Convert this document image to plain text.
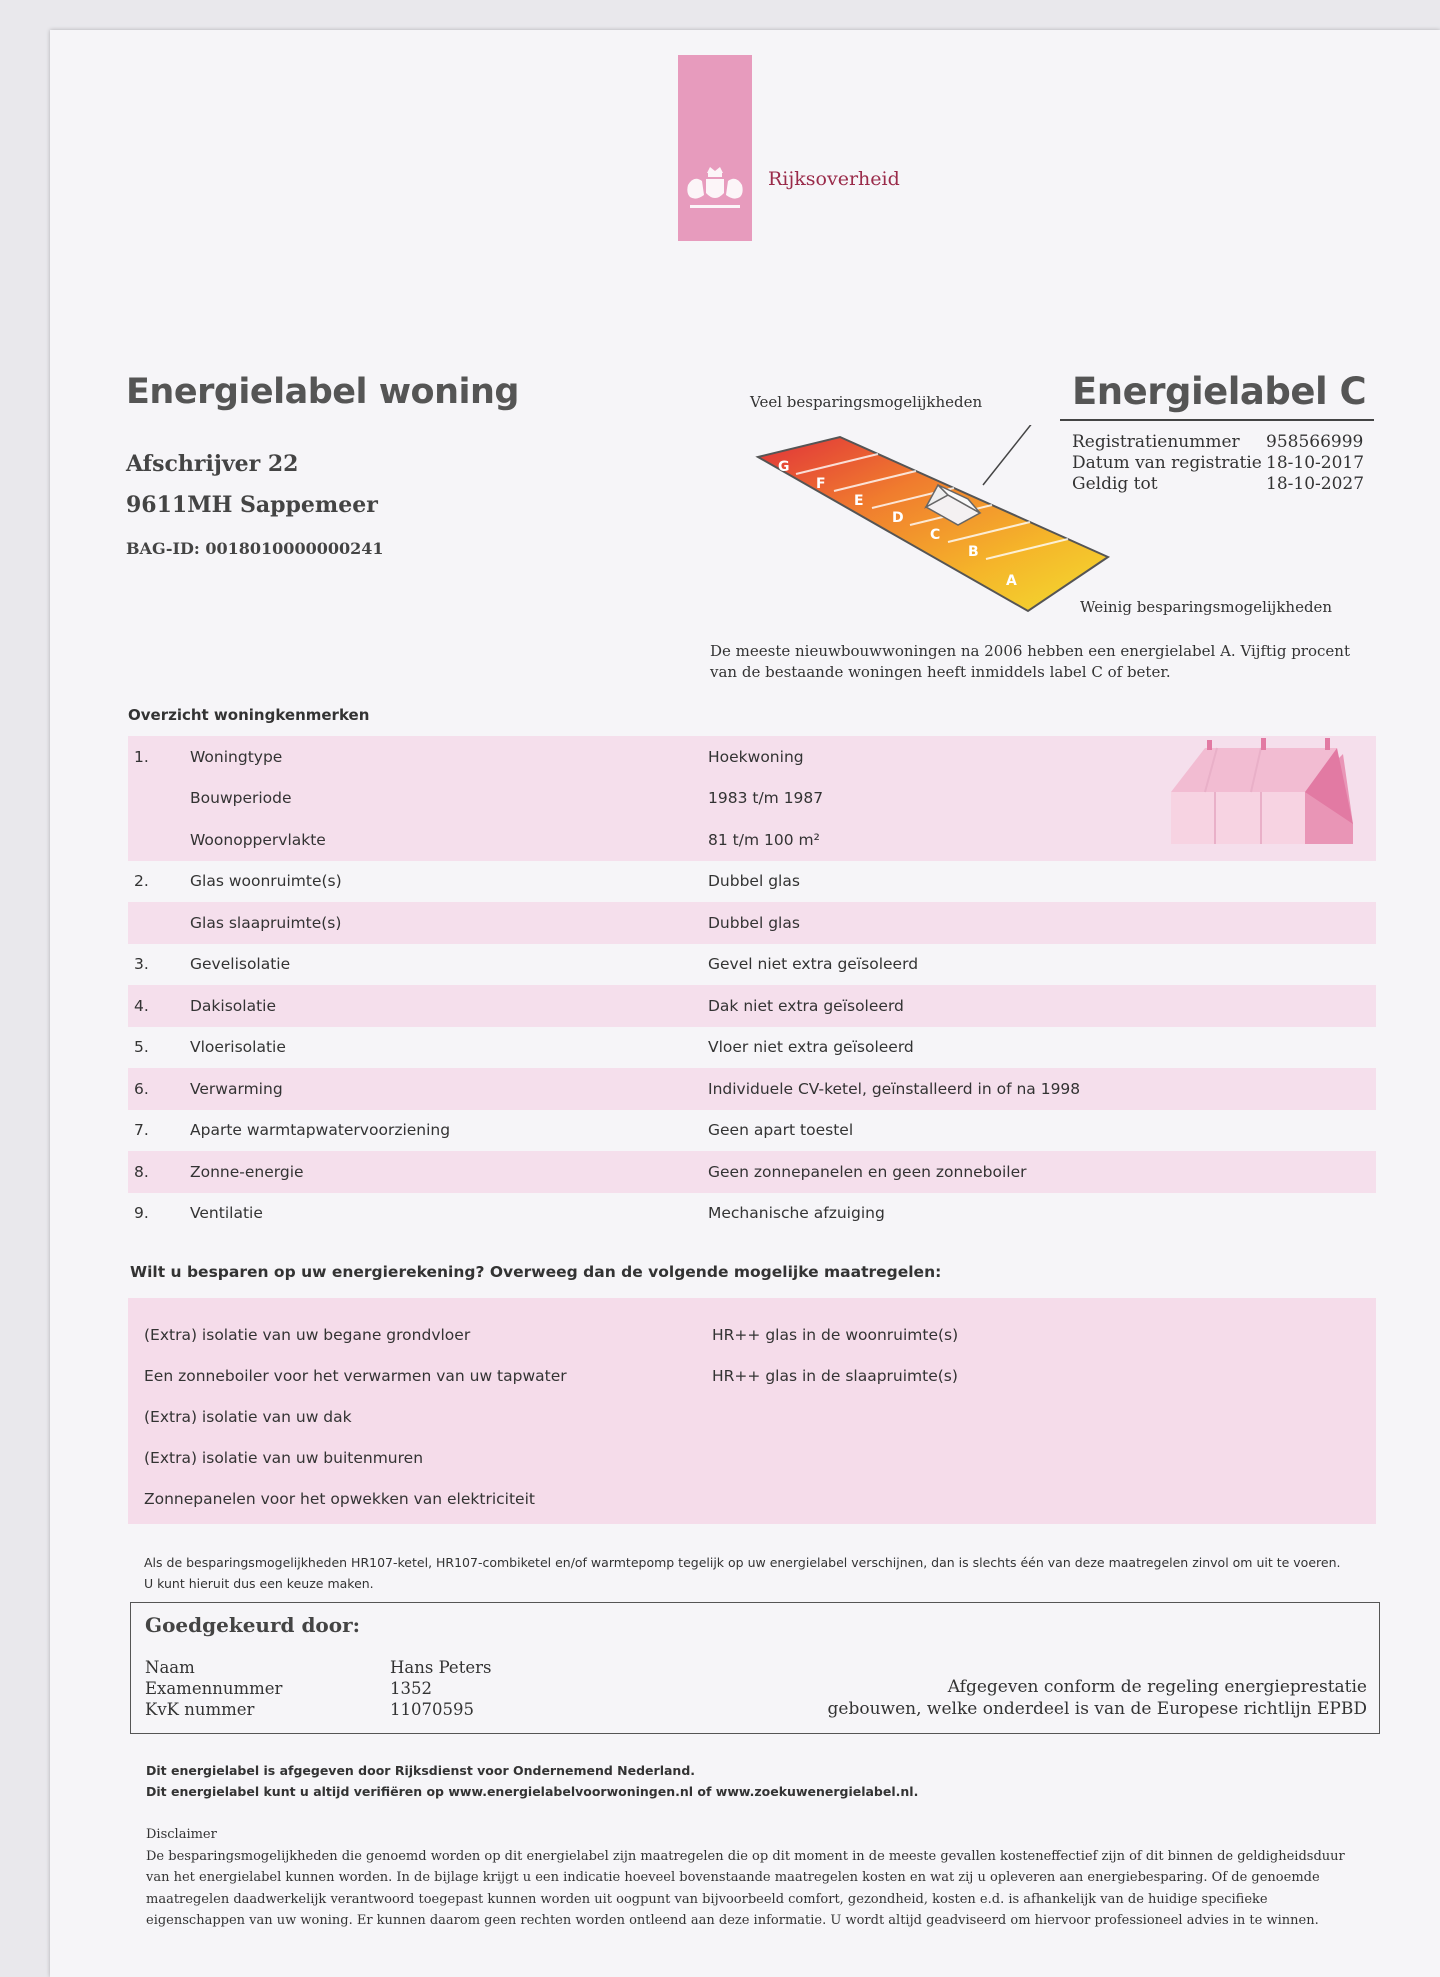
Rijksoverheid
Energielabel woning
Afschrijver 22
9611MH Sappemeer
BAG-ID: 0018010000000241
Veel besparingsmogelijkheden
G
F
E
D
C
B
A
Weinig besparingsmogelijkheden
Energielabel C
Registratienummer	958566999
Datum van registratie	18-10-2017
Geldig tot	18-10-2027
De meeste nieuwbouwwoningen na 2006 hebben een energielabel A. Vijftig procent van de bestaande woningen heeft inmiddels label C of beter.
Overzicht woningkenmerken
1.	Woningtype	Hoekwoning
Bouwperiode	1983 t/m 1987
Woonoppervlakte	81 t/m 100 m²
2.	Glas woonruimte(s)	Dubbel glas
Glas slaapruimte(s)	Dubbel glas
3.	Gevelisolatie	Gevel niet extra geïsoleerd
4.	Dakisolatie	Dak niet extra geïsoleerd
5.	Vloerisolatie	Vloer niet extra geïsoleerd
6.	Verwarming	Individuele CV-ketel, geïnstalleerd in of na 1998
7.	Aparte warmtapwatervoorziening	Geen apart toestel
8.	Zonne-energie	Geen zonnepanelen en geen zonneboiler
9.	Ventilatie	Mechanische afzuiging
Wilt u besparen op uw energierekening? Overweeg dan de volgende mogelijke maatregelen:
(Extra) isolatie van uw begane grondvloer
Een zonneboiler voor het verwarmen van uw tapwater
(Extra) isolatie van uw dak
(Extra) isolatie van uw buitenmuren
Zonnepanelen voor het opwekken van elektriciteit
HR++ glas in de woonruimte(s)
HR++ glas in de slaapruimte(s)
Als de besparingsmogelijkheden HR107-ketel, HR107-combiketel en/of warmtepomp tegelijk op uw energielabel verschijnen, dan is slechts één van deze maatregelen zinvol om uit te voeren. U kunt hieruit dus een keuze maken.
Goedgekeurd door:
Naam	Hans Peters
Examennummer	1352
KvK nummer	11070595
Afgegeven conform de regeling energieprestatie
gebouwen, welke onderdeel is van de Europese richtlijn EPBD
Dit energielabel is afgegeven door Rijksdienst voor Ondernemend Nederland.
Dit energielabel kunt u altijd verifiëren op www.energielabelvoorwoningen.nl of www.zoekuwenergielabel.nl.
Disclaimer
De besparingsmogelijkheden die genoemd worden op dit energielabel zijn maatregelen die op dit moment in de meeste gevallen kosteneffectief zijn of dit binnen de geldigheidsduur van het energielabel kunnen worden. In de bijlage krijgt u een indicatie hoeveel bovenstaande maatregelen kosten en wat zij u opleveren aan energiebesparing. Of de genoemde maatregelen daadwerkelijk verantwoord toegepast kunnen worden uit oogpunt van bijvoorbeeld comfort, gezondheid, kosten e.d. is afhankelijk van de huidige specifieke eigenschappen van uw woning. Er kunnen daarom geen rechten worden ontleend aan deze informatie. U wordt altijd geadviseerd om hiervoor professioneel advies in te winnen.
